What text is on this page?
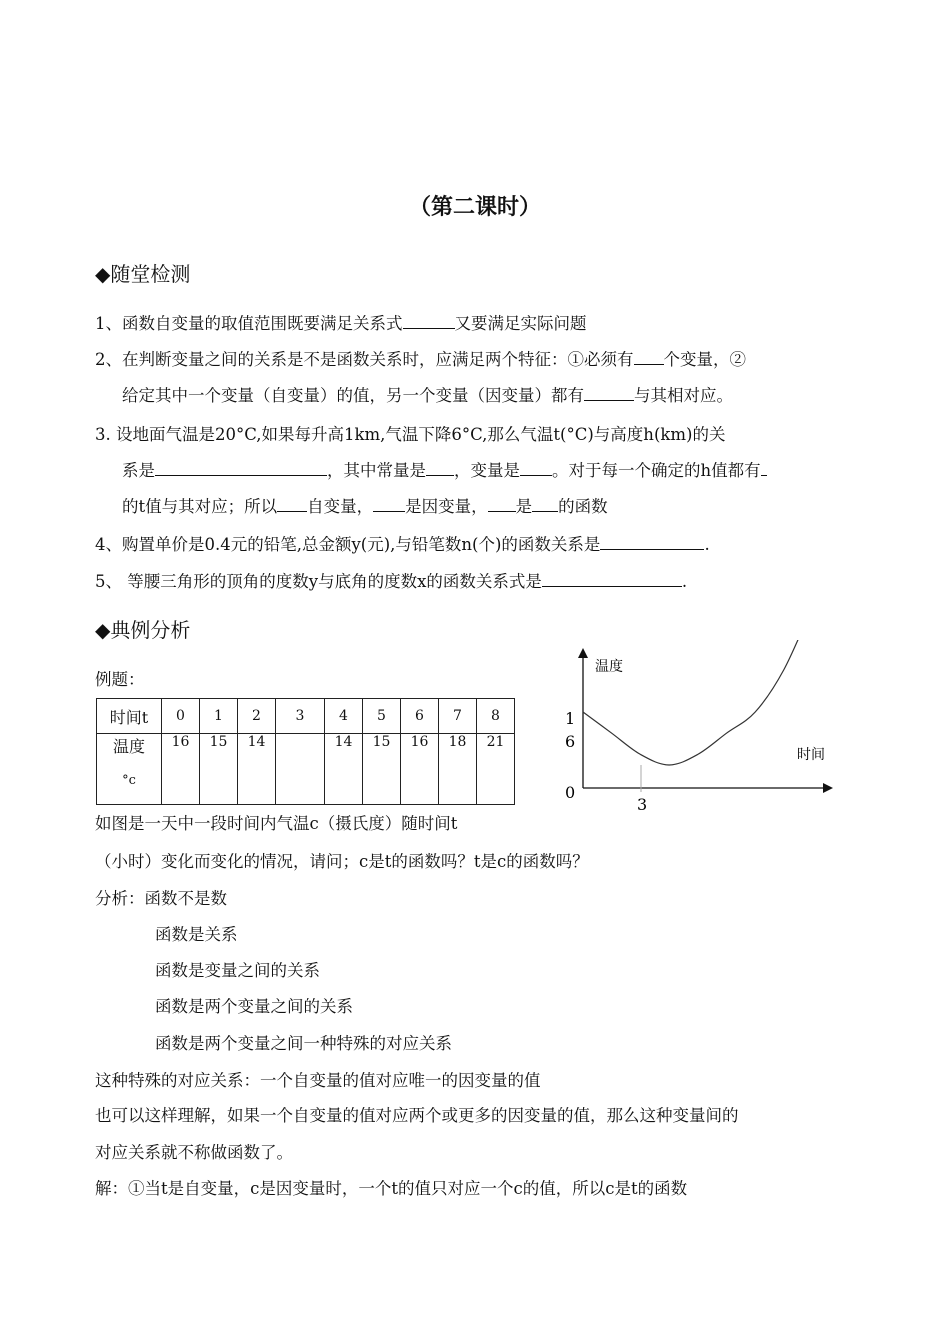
（第二课时）
◆随堂检测
1、函数自变量的取值范围既要满足关系式	又要满足实际问题
2、在判断变量之间的关系是不是函数关系时，应满足两个特征：①必须有 个变量，②
给定其中一个变量（自变量）的值，另一个变量（因变量）都有	与其相对应。
3. 设地面气温是20°C,如果每升高1km,气温下降6°C,那么气温t(°C)与高度h(km)的关
系是	，其中常量是 ，变量是 。对于每一个确定的h值都有
的t值与其对应；所以 自变量， 是因变量， 是 的函数
4、购置单价是0.4元的铅笔,总金额y(元),与铅笔数n(个)的函数关系是	.
5、 等腰三角形的顶角的度数y与底角的度数x的函数关系式是	.
◆典例分析
例题：
时间t	0	1	2	3	4	5	6	7	8

温度
°c	16	15	14		14	15	16	18	21
温度
时间
1
6
0
3
如图是一天中一段时间内气温c（摄氏度）随时间t
（小时）变化而变化的情况，请问；c是t的函数吗？t是c的函数吗？
分析：函数不是数
函数是关系
函数是变量之间的关系
函数是两个变量之间的关系
函数是两个变量之间一种特殊的对应关系
这种特殊的对应关系：一个自变量的值对应唯一的因变量的值
也可以这样理解，如果一个自变量的值对应两个或更多的因变量的值，那么这种变量间的
对应关系就不称做函数了。
解：①当t是自变量，c是因变量时，一个t的值只对应一个c的值，所以c是t的函数
